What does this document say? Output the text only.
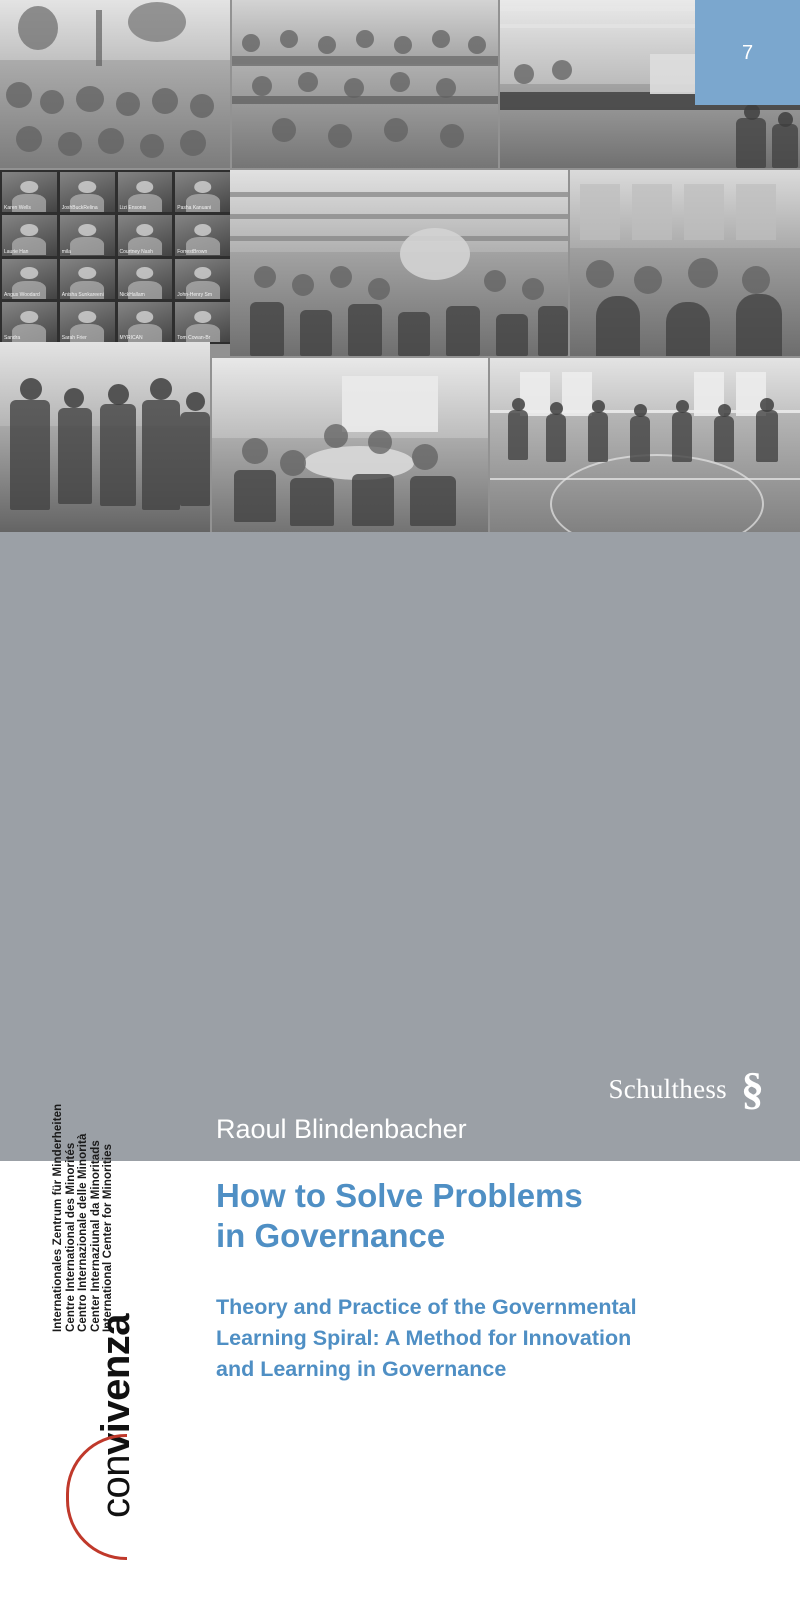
Karen Wells	JoshBuckRelina	Lizi Ensonis	Pasha Kanuani
Laurie Han	mila	Courtney Nash	ForrestBrown
Angus Woodard	Anisha Sunkareeni	NickHallam	John-Henry Sm
Sandra	Sarah Frier	MYRICAN	Tom Cowan-Br
7
Internationales Zentrum für Minderheiten Centre International des Minorités Centro Internazionale delle Minorità Center Internaziunal da Minoritads International Center for Minorities
convivenza
Raoul Blindenbacher
How to Solve Problems
in Governance
Theory and Practice of the Governmental
Learning Spiral: A Method for Innovation
and Learning in Governance
Schulthess §
